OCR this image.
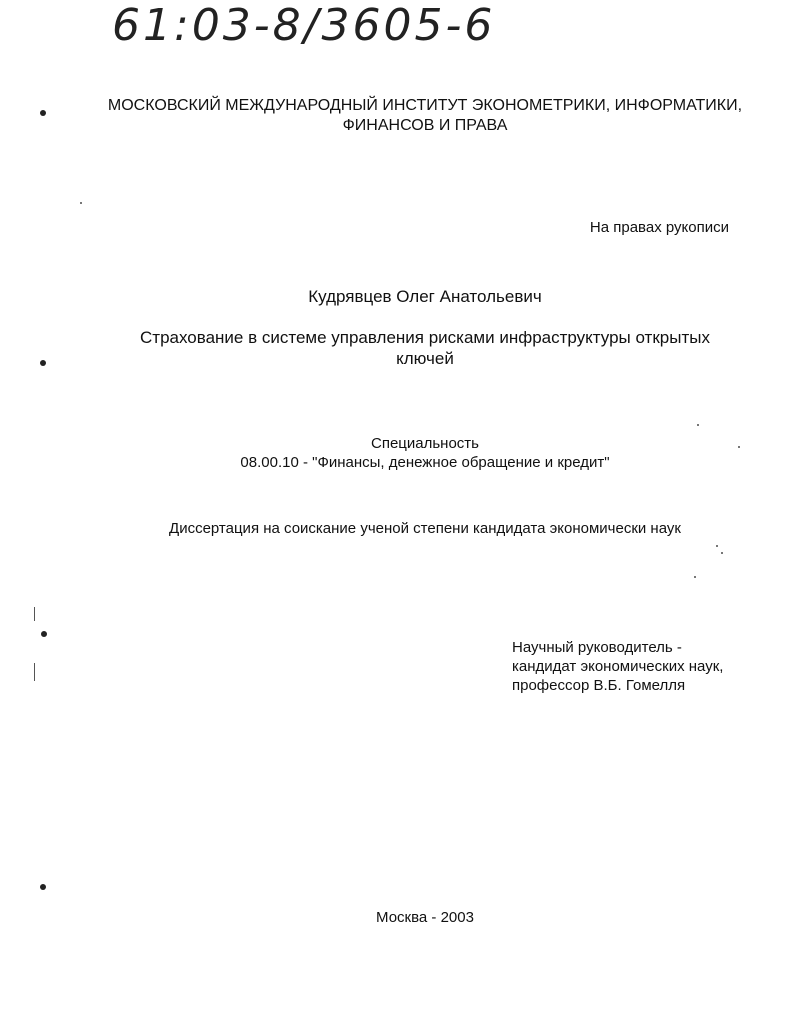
61:03-8/3605-6
МОСКОВСКИЙ МЕЖДУНАРОДНЫЙ ИНСТИТУТ ЭКОНОМЕТРИКИ, ИНФОРМАТИКИ,
ФИНАНСОВ И ПРАВА
На правах рукописи
Кудрявцев Олег Анатольевич
Страхование в системе управления рисками инфраструктуры открытых
ключей
Специальность
08.00.10 - "Финансы, денежное обращение и кредит"
Диссертация на соискание ученой степени кандидата экономически наук
Научный руководитель -
кандидат экономических наук,
профессор В.Б. Гомелля
Москва - 2003
